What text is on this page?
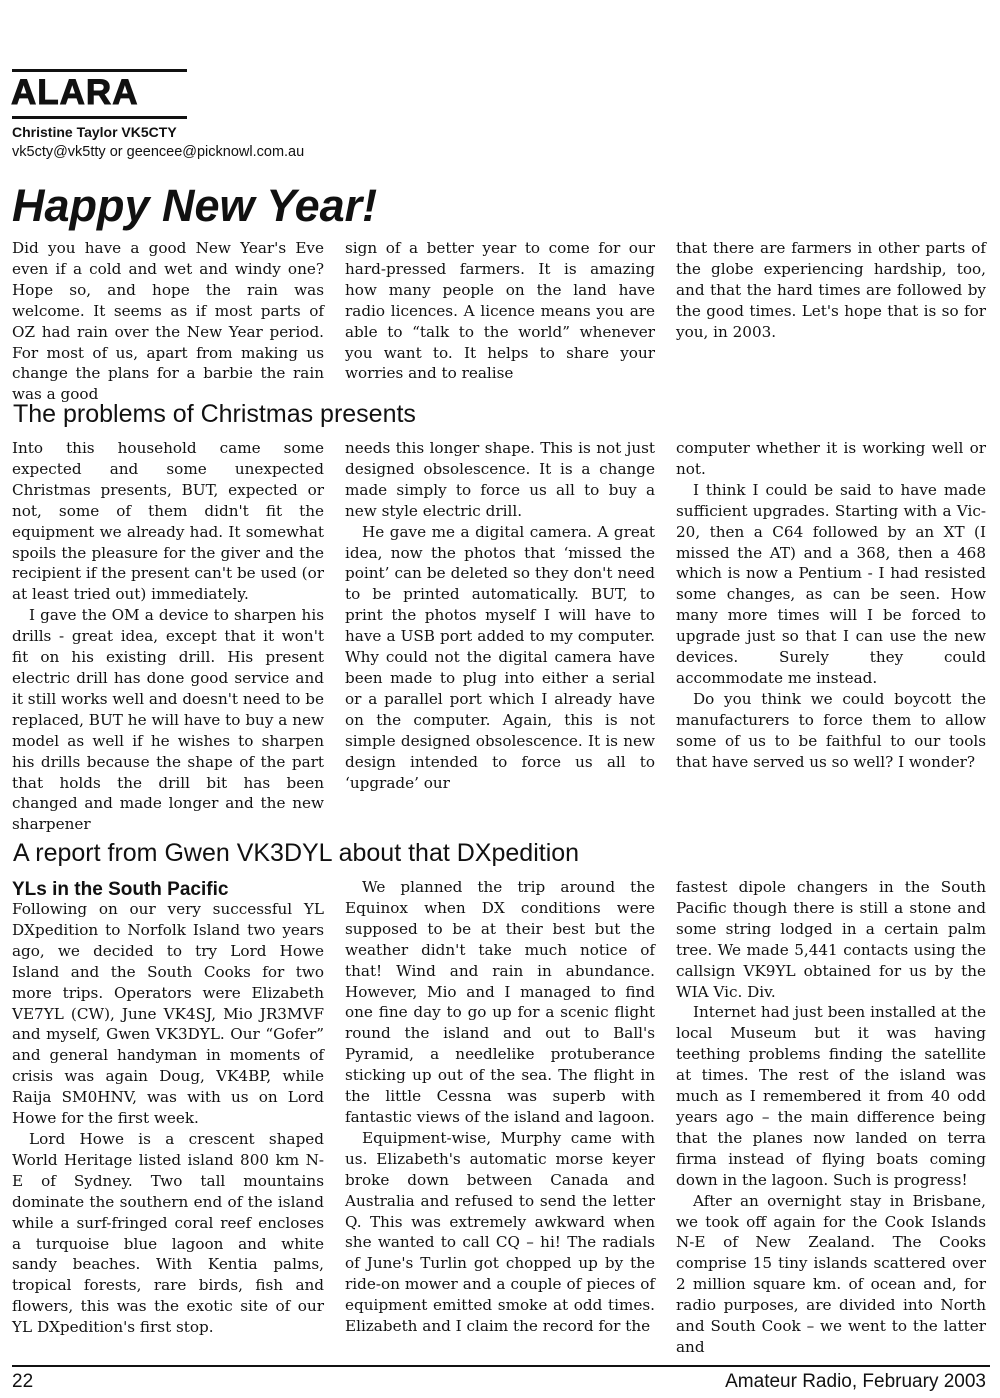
ALARA
Christine Taylor VK5CTY
vk5cty@vk5tty or geencee@picknowl.com.au
Happy New Year!

Did you have a good New Year's Eve even if a cold and wet and windy one? Hope so, and hope the rain was welcome. It seems as if most parts of OZ had rain over the New Year period. For most of us, apart from making us change the plans for a barbie the rain was a good

sign of a better year to come for our hard-pressed farmers. It is amazing how many people on the land have radio licences. A licence means you are able to “talk to the world” whenever you want to. It helps to share your worries and to realise

that there are farmers in other parts of the globe experiencing hardship, too, and that the hard times are followed by the good times. Let's hope that is so for you, in 2003.

The problems of Christmas presents

Into this household came some expected and some unexpected Christmas presents, BUT, expected or not, some of them didn't fit the equipment we already had. It somewhat spoils the pleasure for the giver and the recipient if the present can't be used (or at least tried out) immediately.

I gave the OM a device to sharpen his drills - great idea, except that it won't fit on his existing drill. His present electric drill has done good service and it still works well and doesn't need to be replaced, BUT he will have to buy a new model as well if he wishes to sharpen his drills because the shape of the part that holds the drill bit has been changed and made longer and the new sharpener

needs this longer shape. This is not just designed obsolescence. It is a change made simply to force us all to buy a new style electric drill.

He gave me a digital camera. A great idea, now the photos that ‘missed the point’ can be deleted so they don't need to be printed automatically. BUT, to print the photos myself I will have to have a USB port added to my computer. Why could not the digital camera have been made to plug into either a serial or a parallel port which I already have on the computer. Again, this is not simple designed obsolescence. It is new design intended to force us all to ‘upgrade’ our

computer whether it is working well or not.

I think I could be said to have made sufficient upgrades. Starting with a Vic-20, then a C64 followed by an XT (I missed the AT) and a 368, then a 468 which is now a Pentium - I had resisted some changes, as can be seen. How many more times will I be forced to upgrade just so that I can use the new devices. Surely they could accommodate me instead.

Do you think we could boycott the manufacturers to force them to allow some of us to be faithful to our tools that have served us so well? I wonder?

A report from Gwen VK3DYL about that DXpedition

YLs in the South Pacific

Following on our very successful YL DXpedition to Norfolk Island two years ago, we decided to try Lord Howe Island and the South Cooks for two more trips. Operators were Elizabeth VE7YL (CW), June VK4SJ, Mio JR3MVF and myself, Gwen VK3DYL. Our “Gofer” and general handyman in moments of crisis was again Doug, VK4BP, while Raija SM0HNV, was with us on Lord Howe for the first week.

Lord Howe is a crescent shaped World Heritage listed island 800 km N-E of Sydney. Two tall mountains dominate the southern end of the island while a surf-fringed coral reef encloses a turquoise blue lagoon and white sandy beaches. With Kentia palms, tropical forests, rare birds, fish and flowers, this was the exotic site of our YL DXpedition's first stop.

We planned the trip around the Equinox when DX conditions were supposed to be at their best but the weather didn't take much notice of that! Wind and rain in abundance. However, Mio and I managed to find one fine day to go up for a scenic flight round the island and out to Ball's Pyramid, a needlelike protuberance sticking up out of the sea. The flight in the little Cessna was superb with fantastic views of the island and lagoon.

Equipment-wise, Murphy came with us. Elizabeth's automatic morse keyer broke down between Canada and Australia and refused to send the letter Q. This was extremely awkward when she wanted to call CQ – hi! The radials of June's Turlin got chopped up by the ride-on mower and a couple of pieces of equipment emitted smoke at odd times. Elizabeth and I claim the record for the

fastest dipole changers in the South Pacific though there is still a stone and some string lodged in a certain palm tree. We made 5,441 contacts using the callsign VK9YL obtained for us by the WIA Vic. Div.

Internet had just been installed at the local Museum but it was having teething problems finding the satellite at times. The rest of the island was much as I remembered it from 40 odd years ago – the main difference being that the planes now landed on terra firma instead of flying boats coming down in the lagoon. Such is progress!

After an overnight stay in Brisbane, we took off again for the Cook Islands N-E of New Zealand. The Cooks comprise 15 tiny islands scattered over 2 million square km. of ocean and, for radio purposes, are divided into North and South Cook – we went to the latter and

22	Amateur Radio, February 2003
